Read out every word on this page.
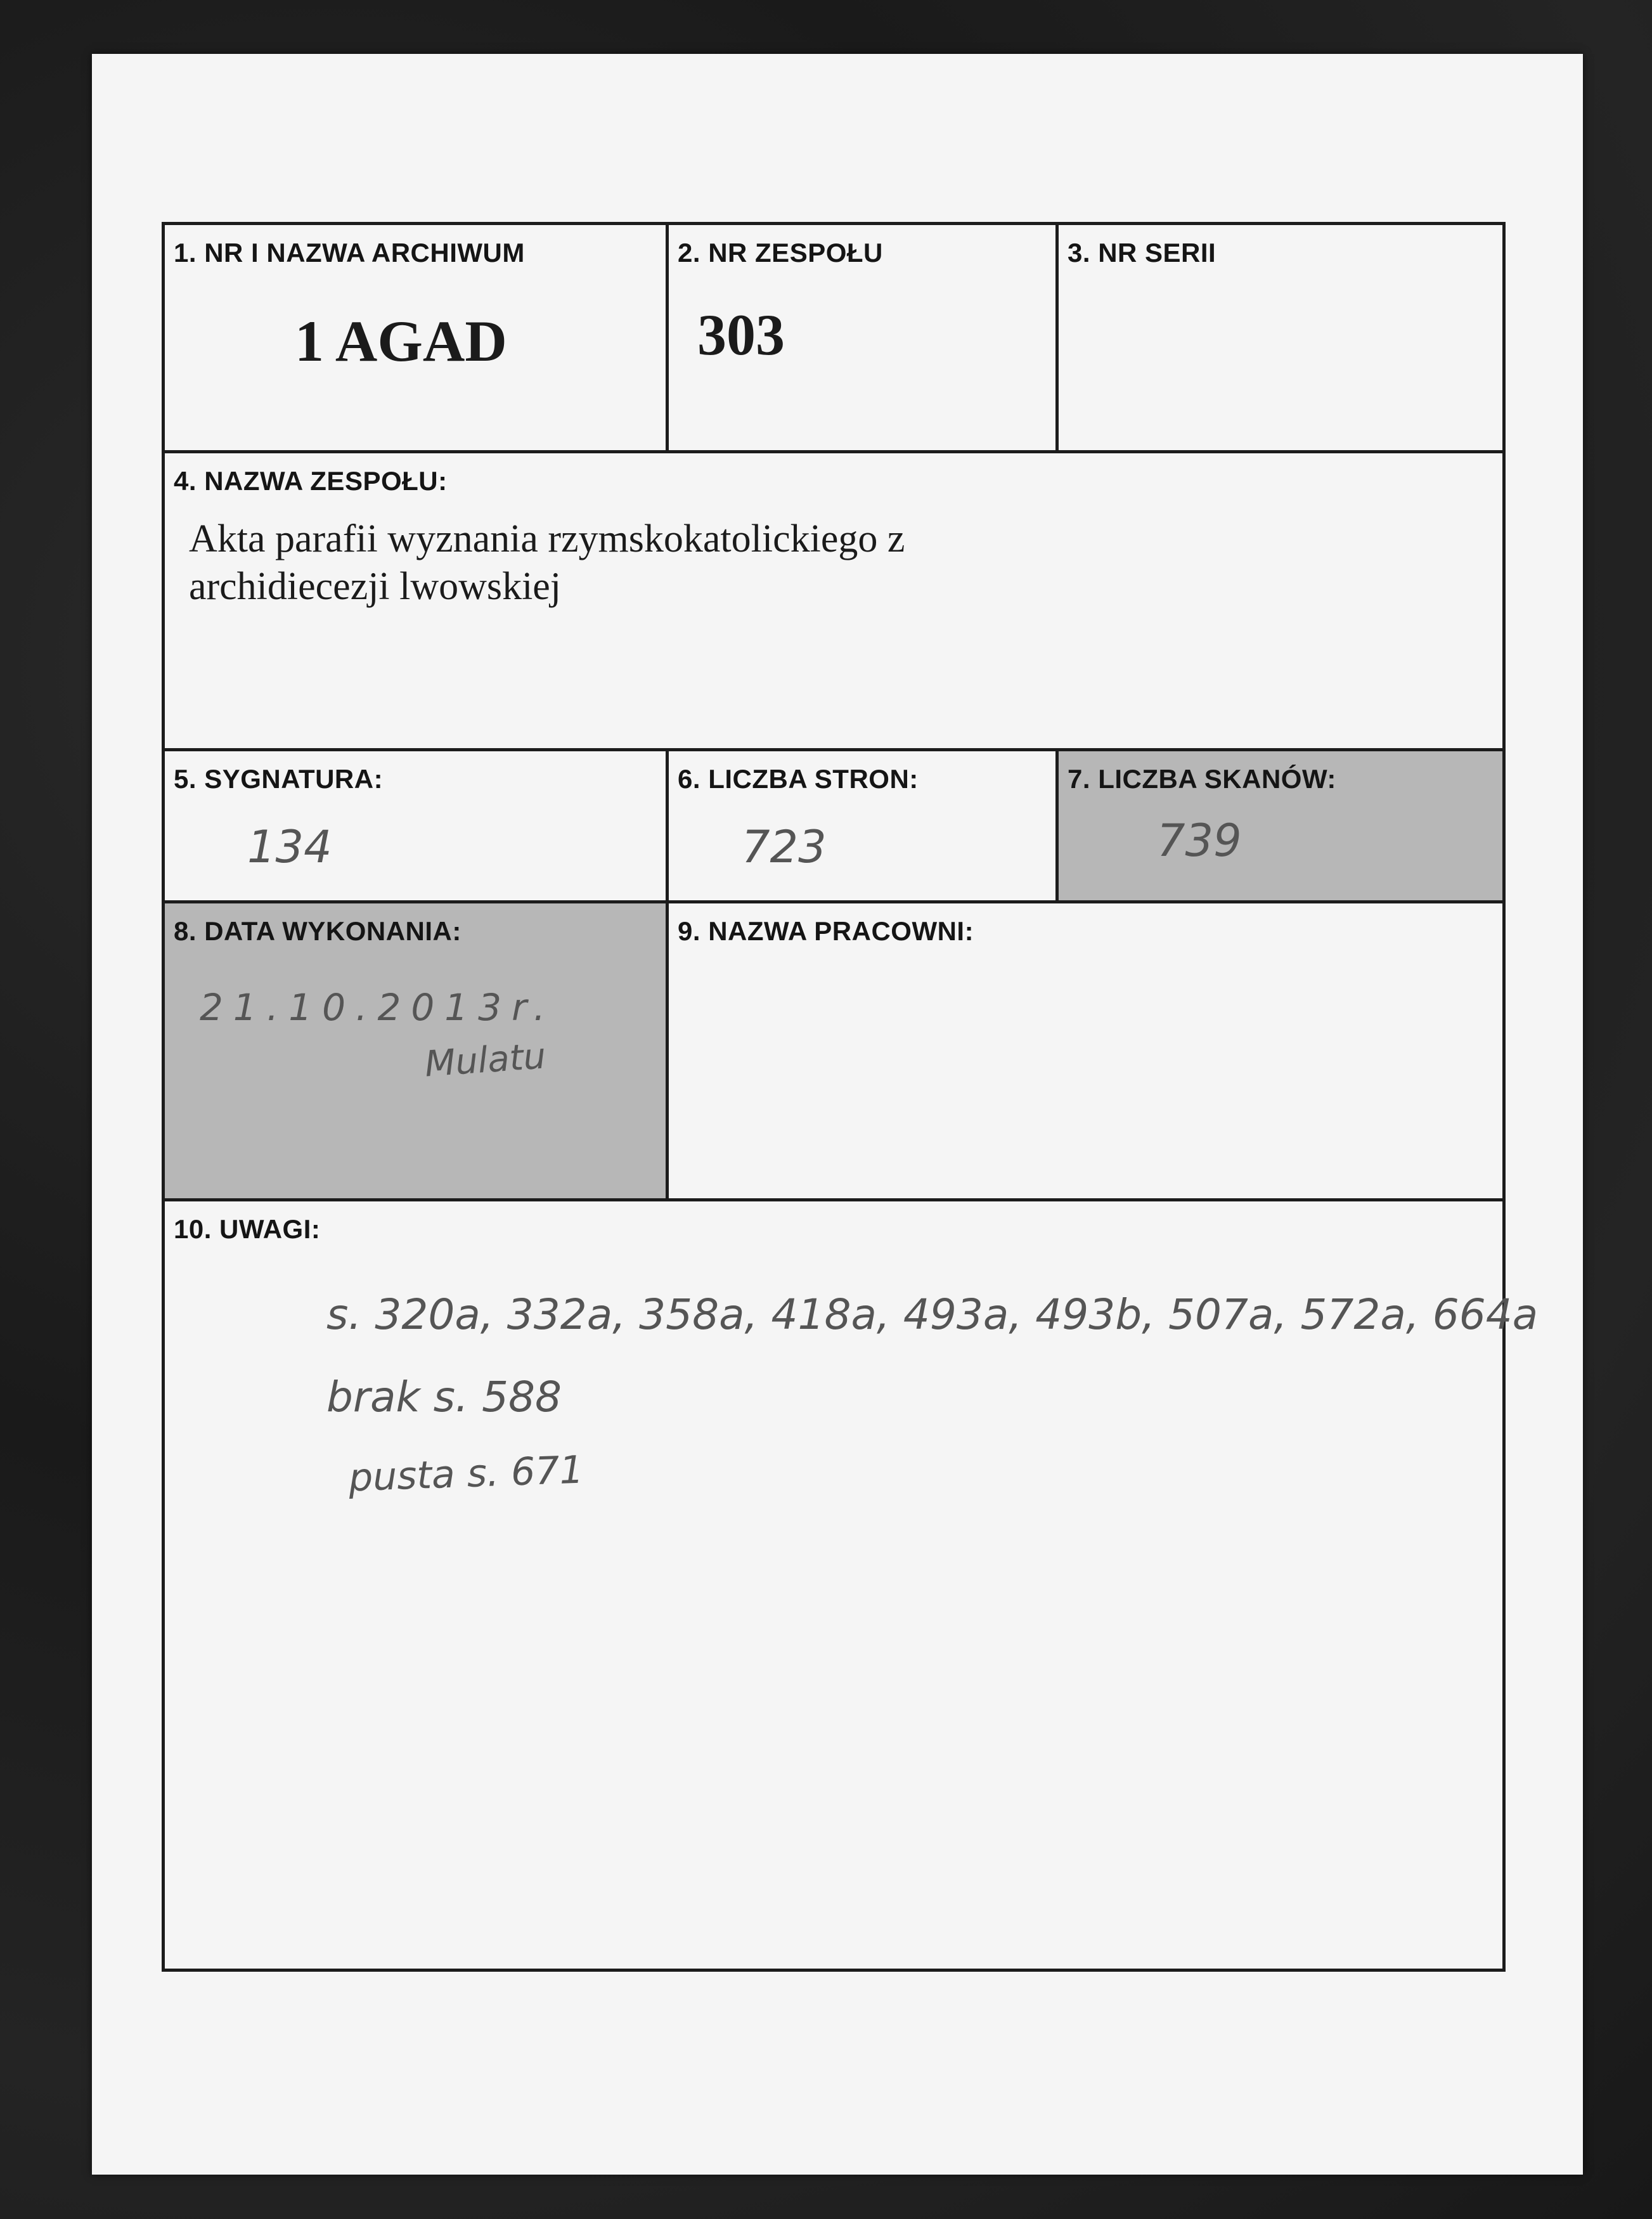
1. NR I NAZWA ARCHIWUM
1 AGAD
2. NR ZESPOŁU
303
3. NR SERII
4. NAZWA ZESPOŁU:
Akta parafii wyznania rzymskokatolickiego z
archidiecezji lwowskiej
5. SYGNATURA:
134
6. LICZBA STRON:
723
7. LICZBA SKANÓW:
739
8. DATA WYKONANIA:
21.10.2013r.
Mulatu
9. NAZWA PRACOWNI:
10. UWAGI:
s. 320a, 332a, 358a, 418a, 493a, 493b, 507a, 572a, 664a
brak s. 588
pusta s. 671
